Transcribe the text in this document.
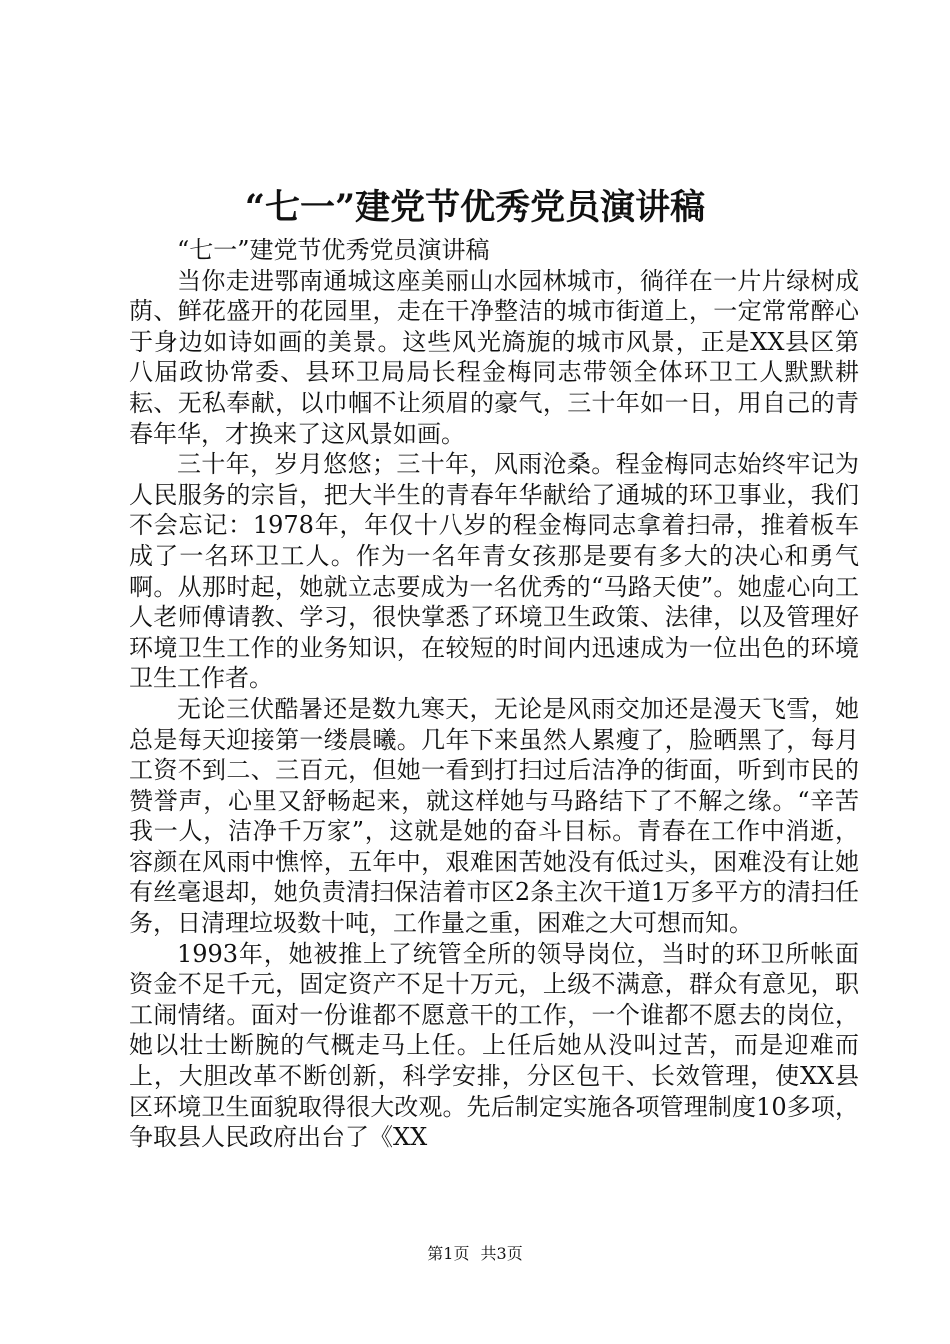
“七一”建党节优秀党员演讲稿

“七一”建党节优秀党员演讲稿

当你走进鄂南通城这座美丽山水园林城市，徜徉在一片片绿树成荫、鲜花盛开的花园里，走在干净整洁的城市街道上，一定常常醉心于身边如诗如画的美景。这些风光旖旎的城市风景，正是XX县区第八届政协常委、县环卫局局长程金梅同志带领全体环卫工人默默耕耘、无私奉献，以巾帼不让须眉的豪气，三十年如一日，用自己的青春年华，才换来了这风景如画。

三十年，岁月悠悠；三十年，风雨沧桑。程金梅同志始终牢记为人民服务的宗旨，把大半生的青春年华献给了通城的环卫事业，我们不会忘记：1978年，年仅十八岁的程金梅同志拿着扫帚，推着板车成了一名环卫工人。作为一名年青女孩那是要有多大的决心和勇气啊。从那时起，她就立志要成为一名优秀的“马路天使”。她虚心向工人老师傅请教、学习，很快掌悉了环境卫生政策、法律，以及管理好环境卫生工作的业务知识，在较短的时间内迅速成为一位出色的环境卫生工作者。

无论三伏酷暑还是数九寒天，无论是风雨交加还是漫天飞雪，她总是每天迎接第一缕晨曦。几年下来虽然人累瘦了，脸晒黑了，每月工资不到二、三百元，但她一看到打扫过后洁净的街面，听到市民的赞誉声，心里又舒畅起来，就这样她与马路结下了不解之缘。“辛苦我一人，洁净千万家”，这就是她的奋斗目标。青春在工作中消逝，容颜在风雨中憔悴，五年中，艰难困苦她没有低过头，困难没有让她有丝毫退却，她负责清扫保洁着市区2条主次干道1万多平方的清扫任务，日清理垃圾数十吨，工作量之重，困难之大可想而知。

1993年，她被推上了统管全所的领导岗位，当时的环卫所帐面资金不足千元，固定资产不足十万元，上级不满意，群众有意见，职工闹情绪。面对一份谁都不愿意干的工作，一个谁都不愿去的岗位，她以壮士断腕的气概走马上任。上任后她从没叫过苦，而是迎难而上，大胆改革不断创新，科学安排，分区包干、长效管理，使XX县区环境卫生面貌取得很大改观。先后制定实施各项管理制度10多项，争取县人民政府出台了《XX

第1页 共3页
